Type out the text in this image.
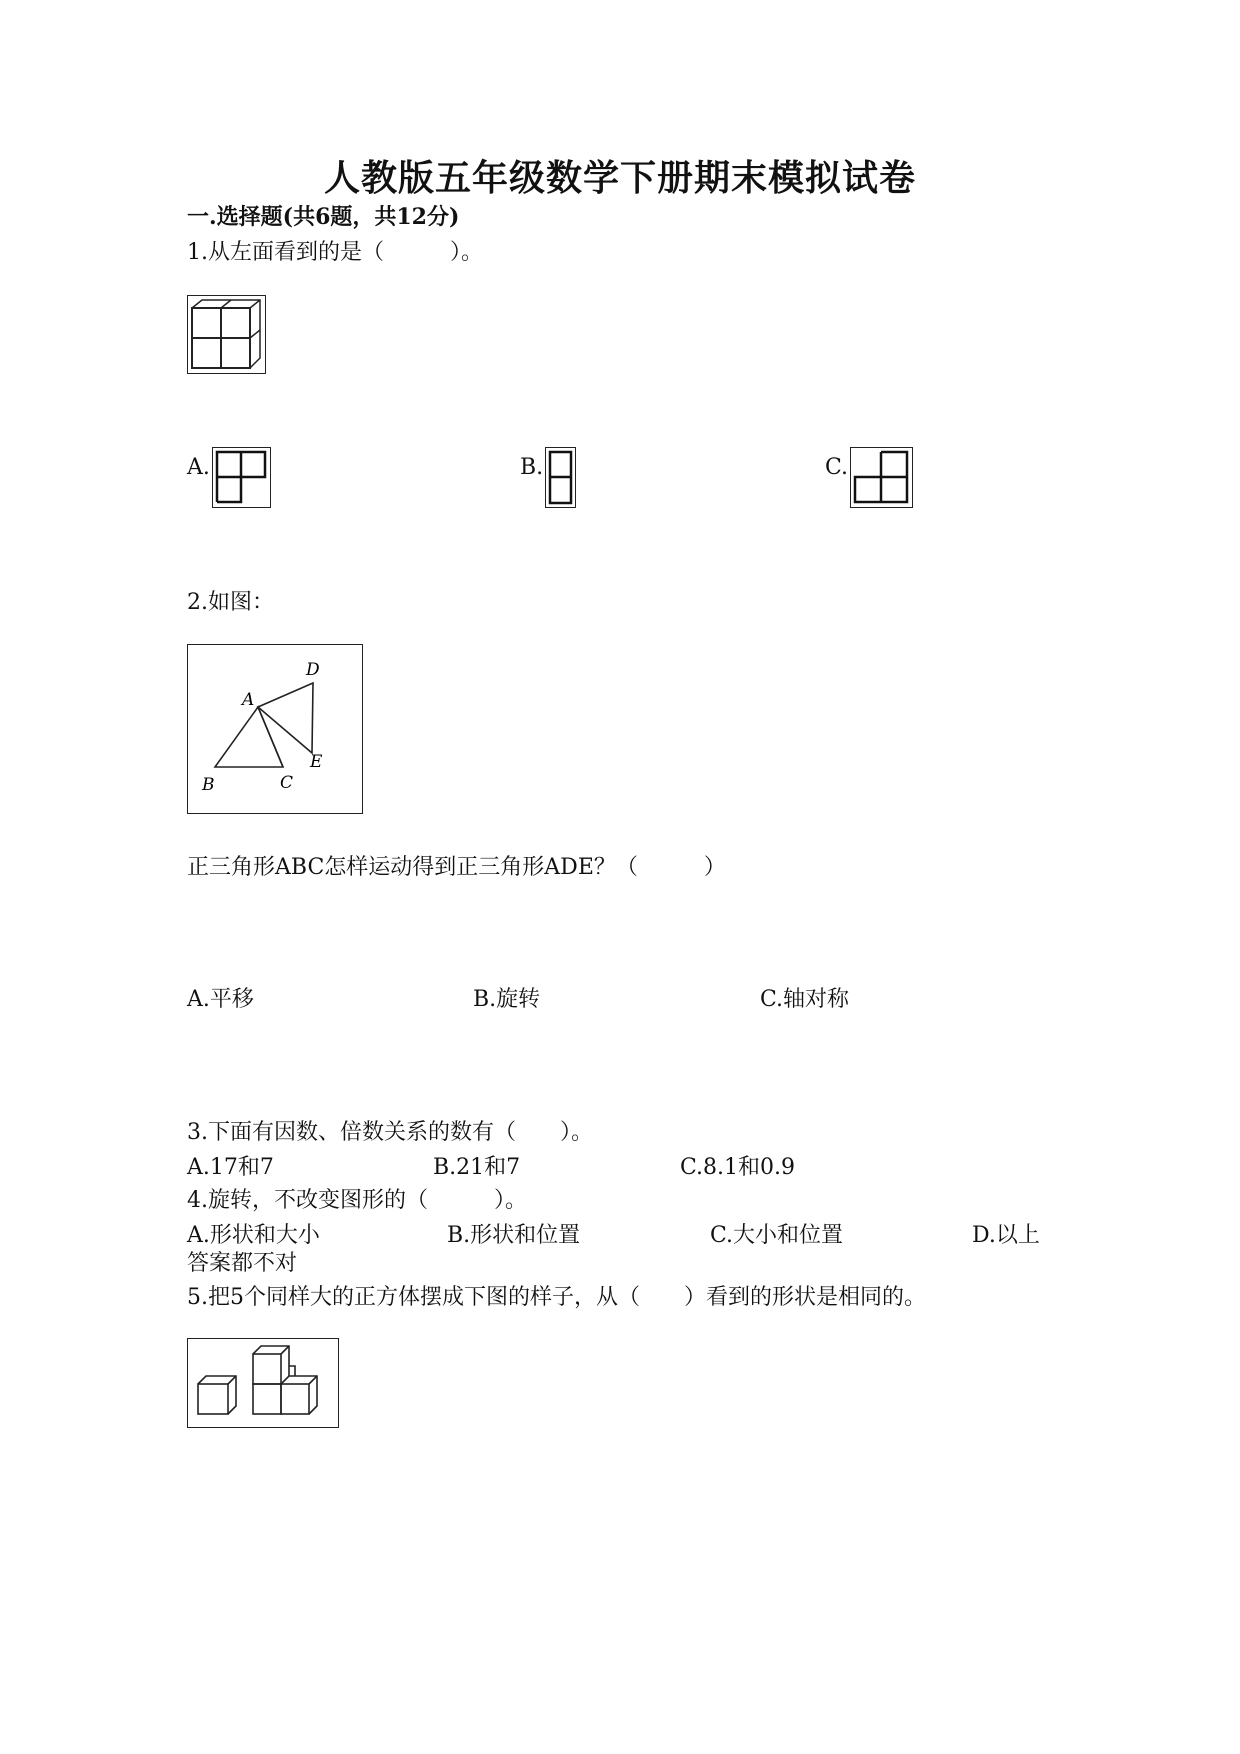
人教版五年级数学下册期末模拟试卷
一.选择题(共6题，共12分)
1.从左面看到的是（　　　）。
A.	B.	C.
2.如图：
A
B	C
D
E
正三角形ABC怎样运动得到正三角形ADE？（　　　）
A.平移	B.旋转	C.轴对称
3.下面有因数、倍数关系的数有（　　）。
A.17和7	B.21和7	C.8.1和0.9
4.旋转，不改变图形的（　　　）。
A.形状和大小	B.形状和位置	C.大小和位置	D.以上
答案都不对
5.把5个同样大的正方体摆成下图的样子，从（　　）看到的形状是相同的。
